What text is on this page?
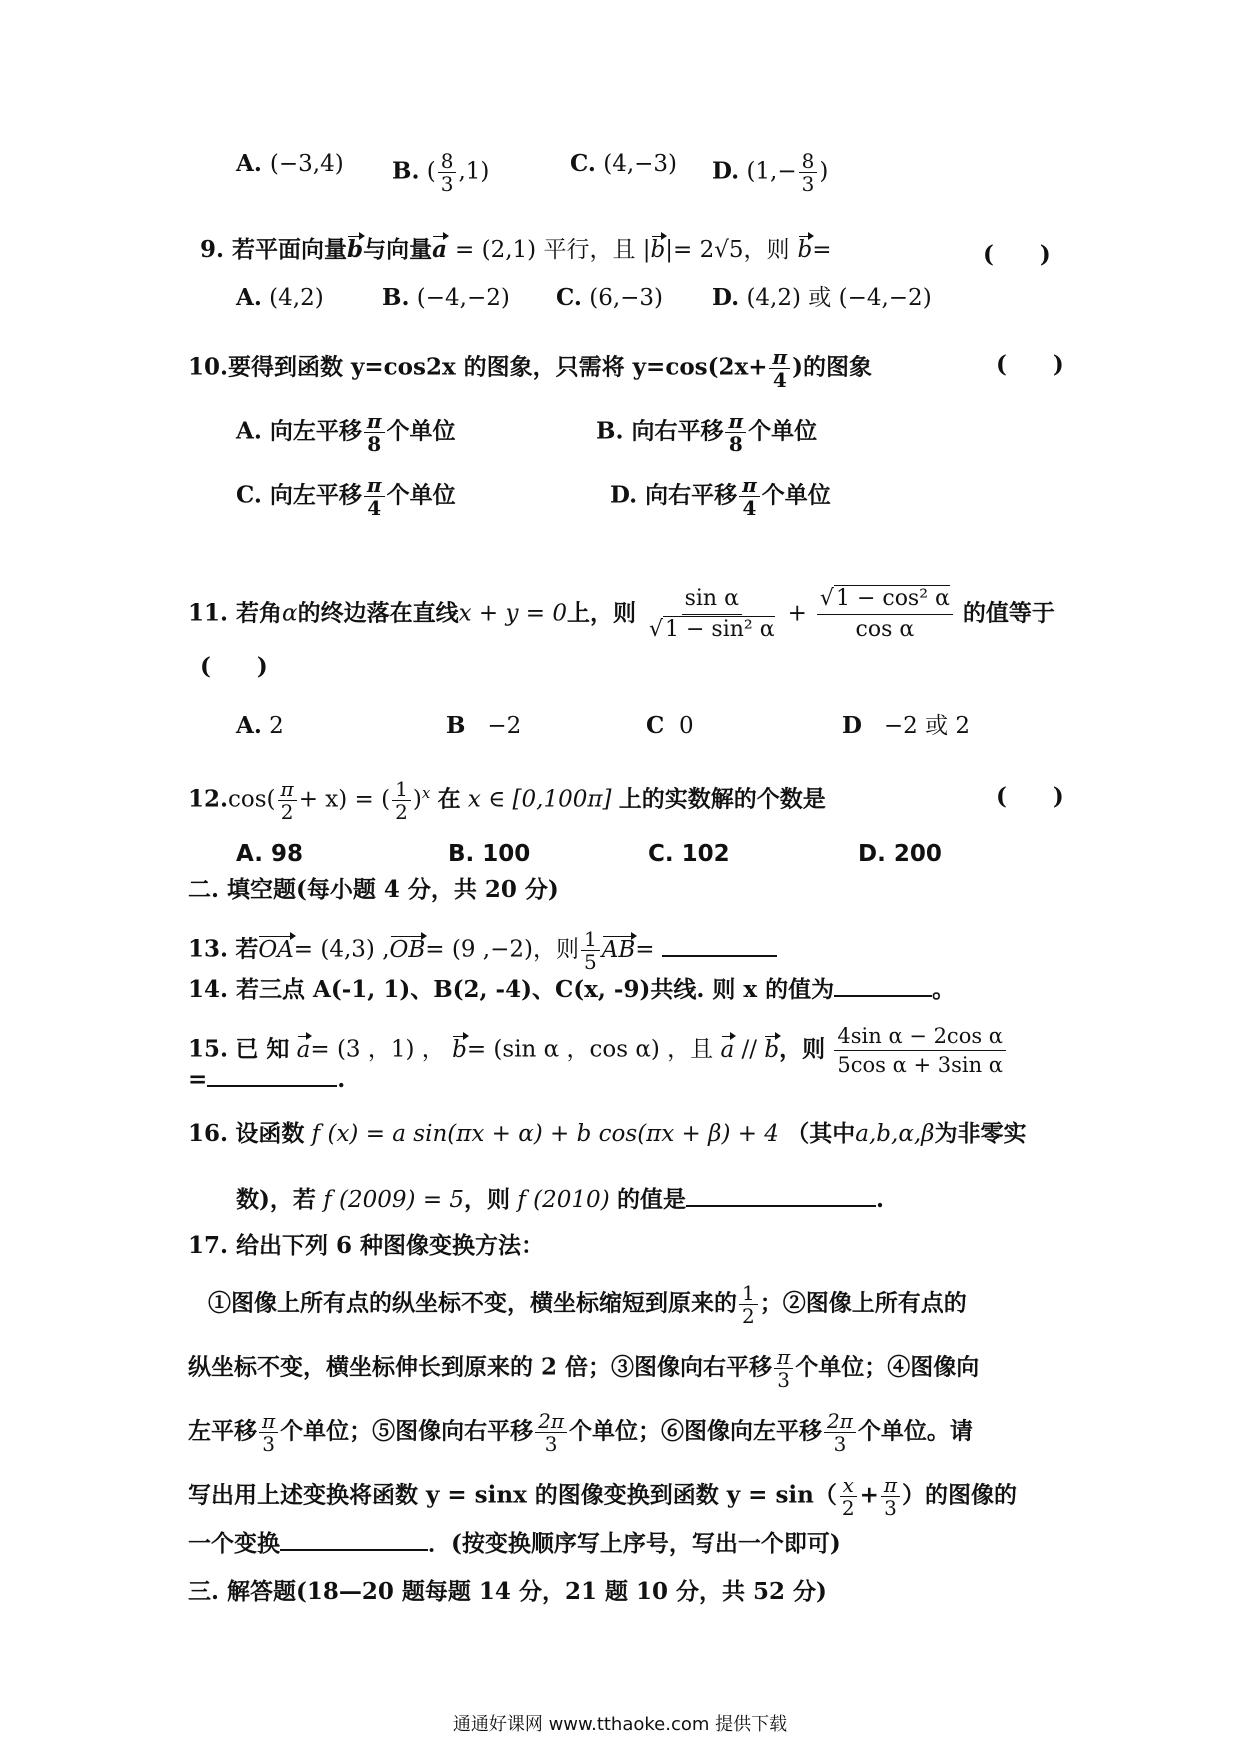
A. (−3,4) B. ( $\frac{8}{3} ,1$)	C. (4,−3) D. ($1,- \frac{8}{3}$ )
9. 若平面向量b与向量a = (2,1) 平行，且 |b|= 2√5，则 b=	(　　)
A. (4,2)	B. (−4,−2) C. (6,−3) D. (4,2) 或 (−4,−2)
10.要得到函数 y=cos2x 的图象，只需将 $y=\cos(2x+ \frac{\pi}{4}$ )的图象	(　　)
A. 向左平移 $\frac{\pi}{8}$ 个单位	B. 向右平移 $\frac{\pi}{8}$ 个单位
C. 向左平移 $\frac{\pi}{4}$ 个单位	D. 向右平移 $\frac{\pi}{4}$ 个单位
11. 若角α的终边落在直线x + y = 0上，则 $\frac{\text{sin α}}{\text{√1 − sin² α}} + \frac{\text{√1 − cos² α}}{\text{cos α}}$ 的值等于
(　　)
A. 2	B −2	C 0	D −2 或 2
$12.\cos( \frac{\pi}{2} + x)$ = ( $\frac{1}{2} )^x$ 在 x ∈ [0,100π] 上的实数解的个数是	(　　)
A. 98	B. 100	C. 102	D. 200
二. 填空题(每小题 4 分，共 20 分)
13. 若OA= (4,3) ,OB= (9 ,−2)，则 $\frac{1}{5} AB=$
14. 若三点 A(-1, 1)、B(2, -4)、C(x, -9)共线. 则 x 的值为	。
15. 已 知 a= (3 ，1) ， b= (sin α ，cos α) ，且 a // b，则 $\frac{\text{4sin α − 2cos α}}{\text{5cos α + 3sin α}}$
=	.
16. 设函数 f (x) = a sin(πx + α) + b cos(πx + β) + 4 （其中a,b,α,β为非零实
数)，若 f (2009) = 5，则 f (2010) 的值是	.
17. 给出下列 6 种图像变换方法：
①图像上所有点的纵坐标不变，横坐标缩短到原来的 $\frac{1}{2}$ ；②图像上所有点的
纵坐标不变，横坐标伸长到原来的 2 倍；③图像向右平移 $\frac{\pi}{3}$ 个单位；④图像向
左平移 $\frac{\pi}{3}$ 个单位；⑤图像向右平移 $\frac{2\pi}{3}$ 个单位；⑥图像向左平移 $\frac{2\pi}{3}$ 个单位。请
写出用上述变换将函数 y = sinx 的图像变换到函数 $y = \sin( \frac{x}{2} + \frac{\pi}{3}$ ）的图像的
一个变换	．(按变换顺序写上序号，写出一个即可)
三. 解答题(18—20 题每题 14 分，21 题 10 分，共 52 分)
通通好课网 www.tthaoke.com 提供下载
